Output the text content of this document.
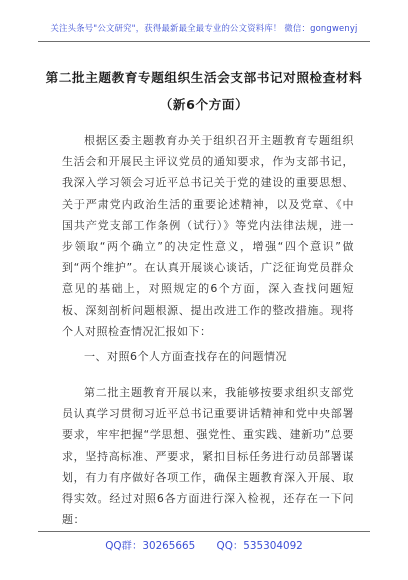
关注头条号"公文研究"，获得最新最全最专业的公文资料库！ 微信：gongwenyj
第二批主题教育专题组织生活会支部书记对照检查材料
（新6个方面）

根据区委主题教育办关于组织召开主题教育专题组织生活会和开展民主评议党员的通知要求，作为支部书记，我深入学习领会习近平总书记关于党的建设的重要思想、关于严肃党内政治生活的重要论述精神，以及党章、《中国共产党支部工作条例（试行）》等党内法律法规，进一步领取“两个确立”的决定性意义，增强“四个意识”做到“两个维护”。在认真开展谈心谈话，广泛征询党员群众意见的基础上，对照规定的6个方面，深入查找问题短板、深刻剖析问题根源、提出改进工作的整改措施。现将个人对照检查情况汇报如下：

一、对照6个人方面查找存在的问题情况

第二批主题教育开展以来，我能够按要求组织支部党员认真学习贯彻习近平总书记重要讲话精神和党中央部署要求，牢牢把握“学思想、强党性、重实践、建新功”总要求，坚持高标准、严要求，紧扣目标任务进行动员部署谋划，有力有序做好各项工作，确保主题教育深入开展、取得实效。经过对照6各方面进行深入检视，还存在一下问题：

QQ群：30265665 QQ：535304092
